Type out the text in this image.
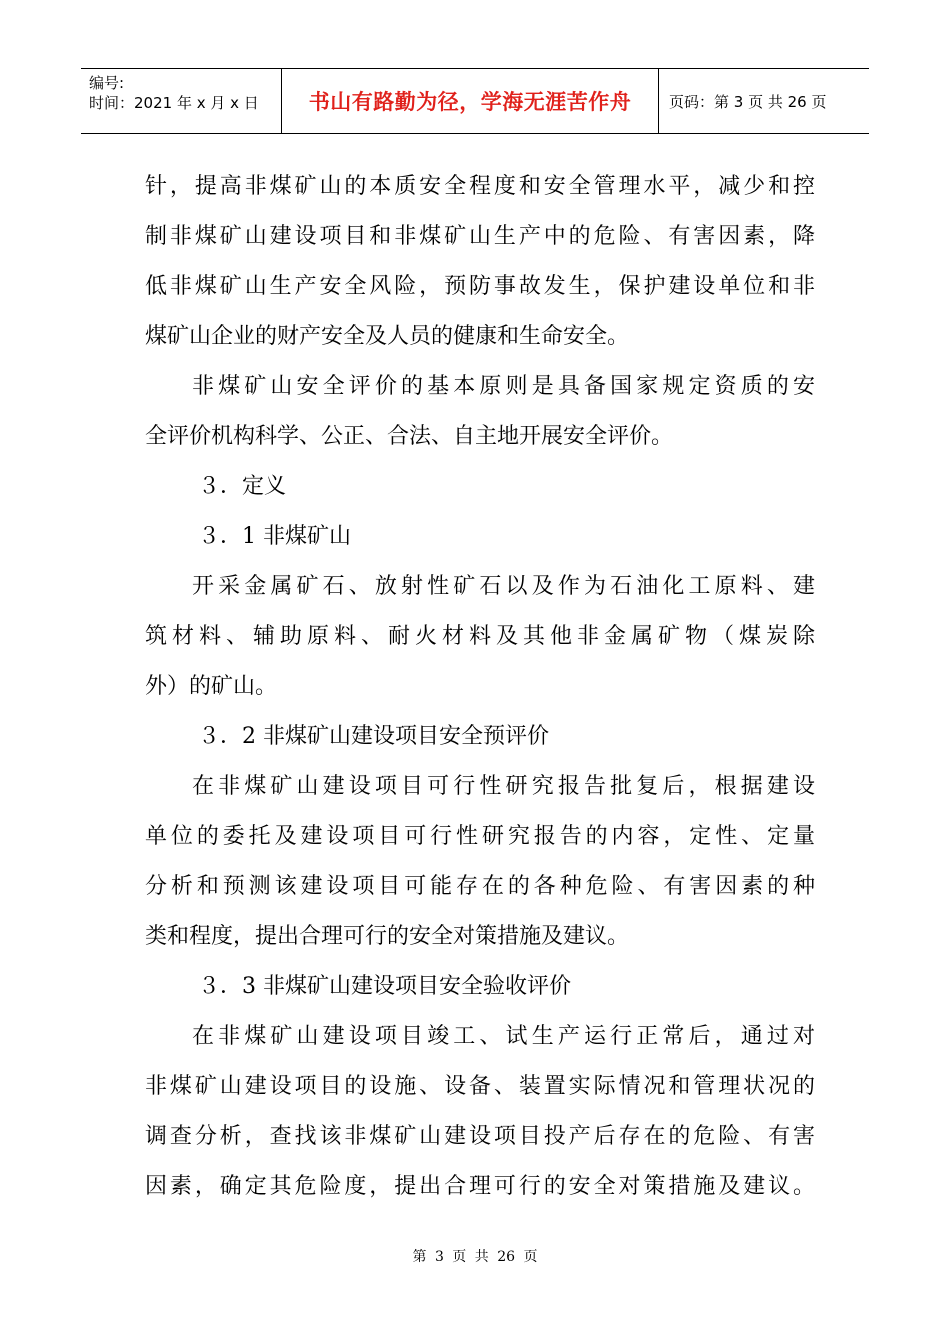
编号:
时间：2021 年 x 月 x 日	书山有路勤为径，学海无涯苦作舟	页码：第 3 页 共 26 页
针，提高非煤矿山的本质安全程度和安全管理水平，减少和控
制非煤矿山建设项目和非煤矿山生产中的危险、有害因素，降
低非煤矿山生产安全风险，预防事故发生，保护建设单位和非
煤矿山企业的财产安全及人员的健康和生命安全。
非煤矿山安全评价的基本原则是具备国家规定资质的安
全评价机构科学、公正、合法、自主地开展安全评价。
３．定义
３．1 非煤矿山
开采金属矿石、放射性矿石以及作为石油化工原料、建
筑材料、辅助原料、耐火材料及其他非金属矿物（煤炭除
外）的矿山。
３．2 非煤矿山建设项目安全预评价
在非煤矿山建设项目可行性研究报告批复后，根据建设
单位的委托及建设项目可行性研究报告的内容，定性、定量
分析和预测该建设项目可能存在的各种危险、有害因素的种
类和程度，提出合理可行的安全对策措施及建议。
３．3 非煤矿山建设项目安全验收评价
在非煤矿山建设项目竣工、试生产运行正常后，通过对
非煤矿山建设项目的设施、设备、装置实际情况和管理状况的
调查分析，查找该非煤矿山建设项目投产后存在的危险、有害
因素，确定其危险度，提出合理可行的安全对策措施及建议。
第 3 页 共 26 页
